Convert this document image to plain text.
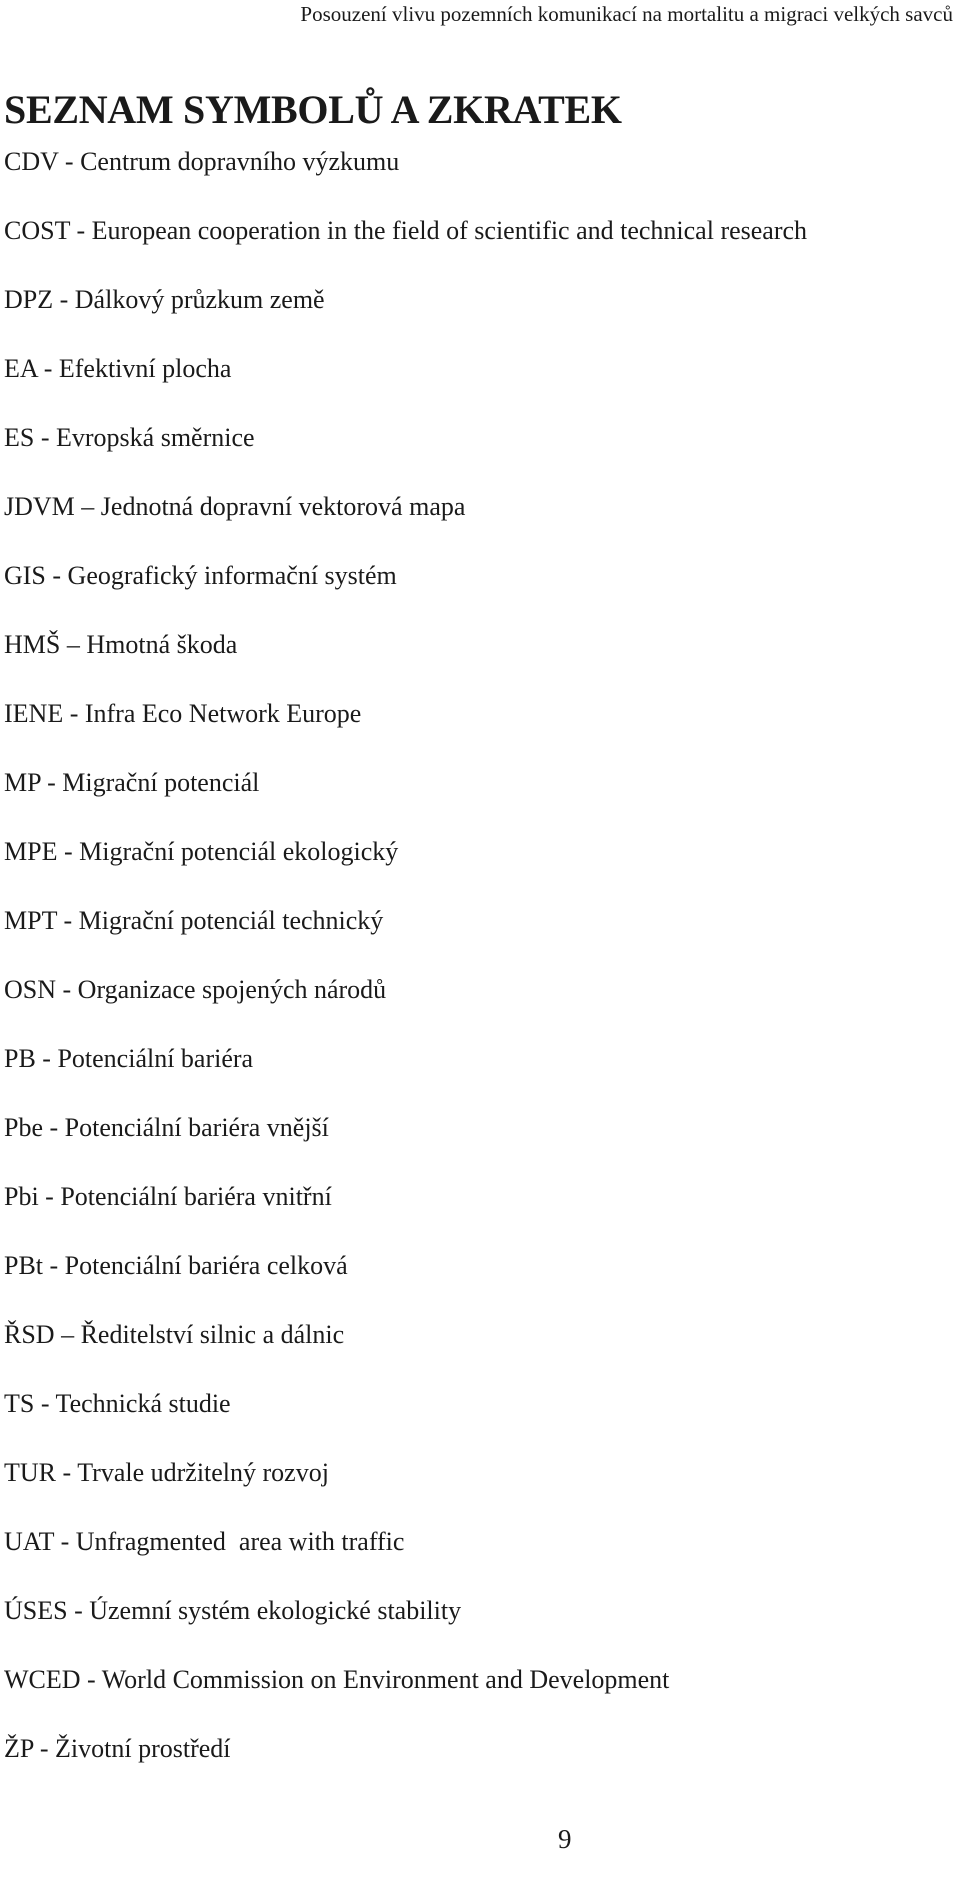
Posouzení vlivu pozemních komunikací na mortalitu a migraci velkých savců
SEZNAM SYMBOLŮ A ZKRATEK
CDV - Centrum dopravního výzkumu
COST - European cooperation in the field of scientific and technical research
DPZ - Dálkový průzkum země
EA - Efektivní plocha
ES - Evropská směrnice
JDVM – Jednotná dopravní vektorová mapa
GIS - Geografický informační systém
HMŠ – Hmotná škoda
IENE - Infra Eco Network Europe
MP - Migrační potenciál
MPE - Migrační potenciál ekologický
MPT - Migrační potenciál technický
OSN - Organizace spojených národů
PB - Potenciální bariéra
Pbe - Potenciální bariéra vnější
Pbi - Potenciální bariéra vnitřní
PBt - Potenciální bariéra celková
ŘSD – Ředitelství silnic a dálnic
TS - Technická studie
TUR - Trvale udržitelný rozvoj
UAT - Unfragmented  area with traffic
ÚSES - Územní systém ekologické stability
WCED - World Commission on Environment and Development
ŽP - Životní prostředí
9
